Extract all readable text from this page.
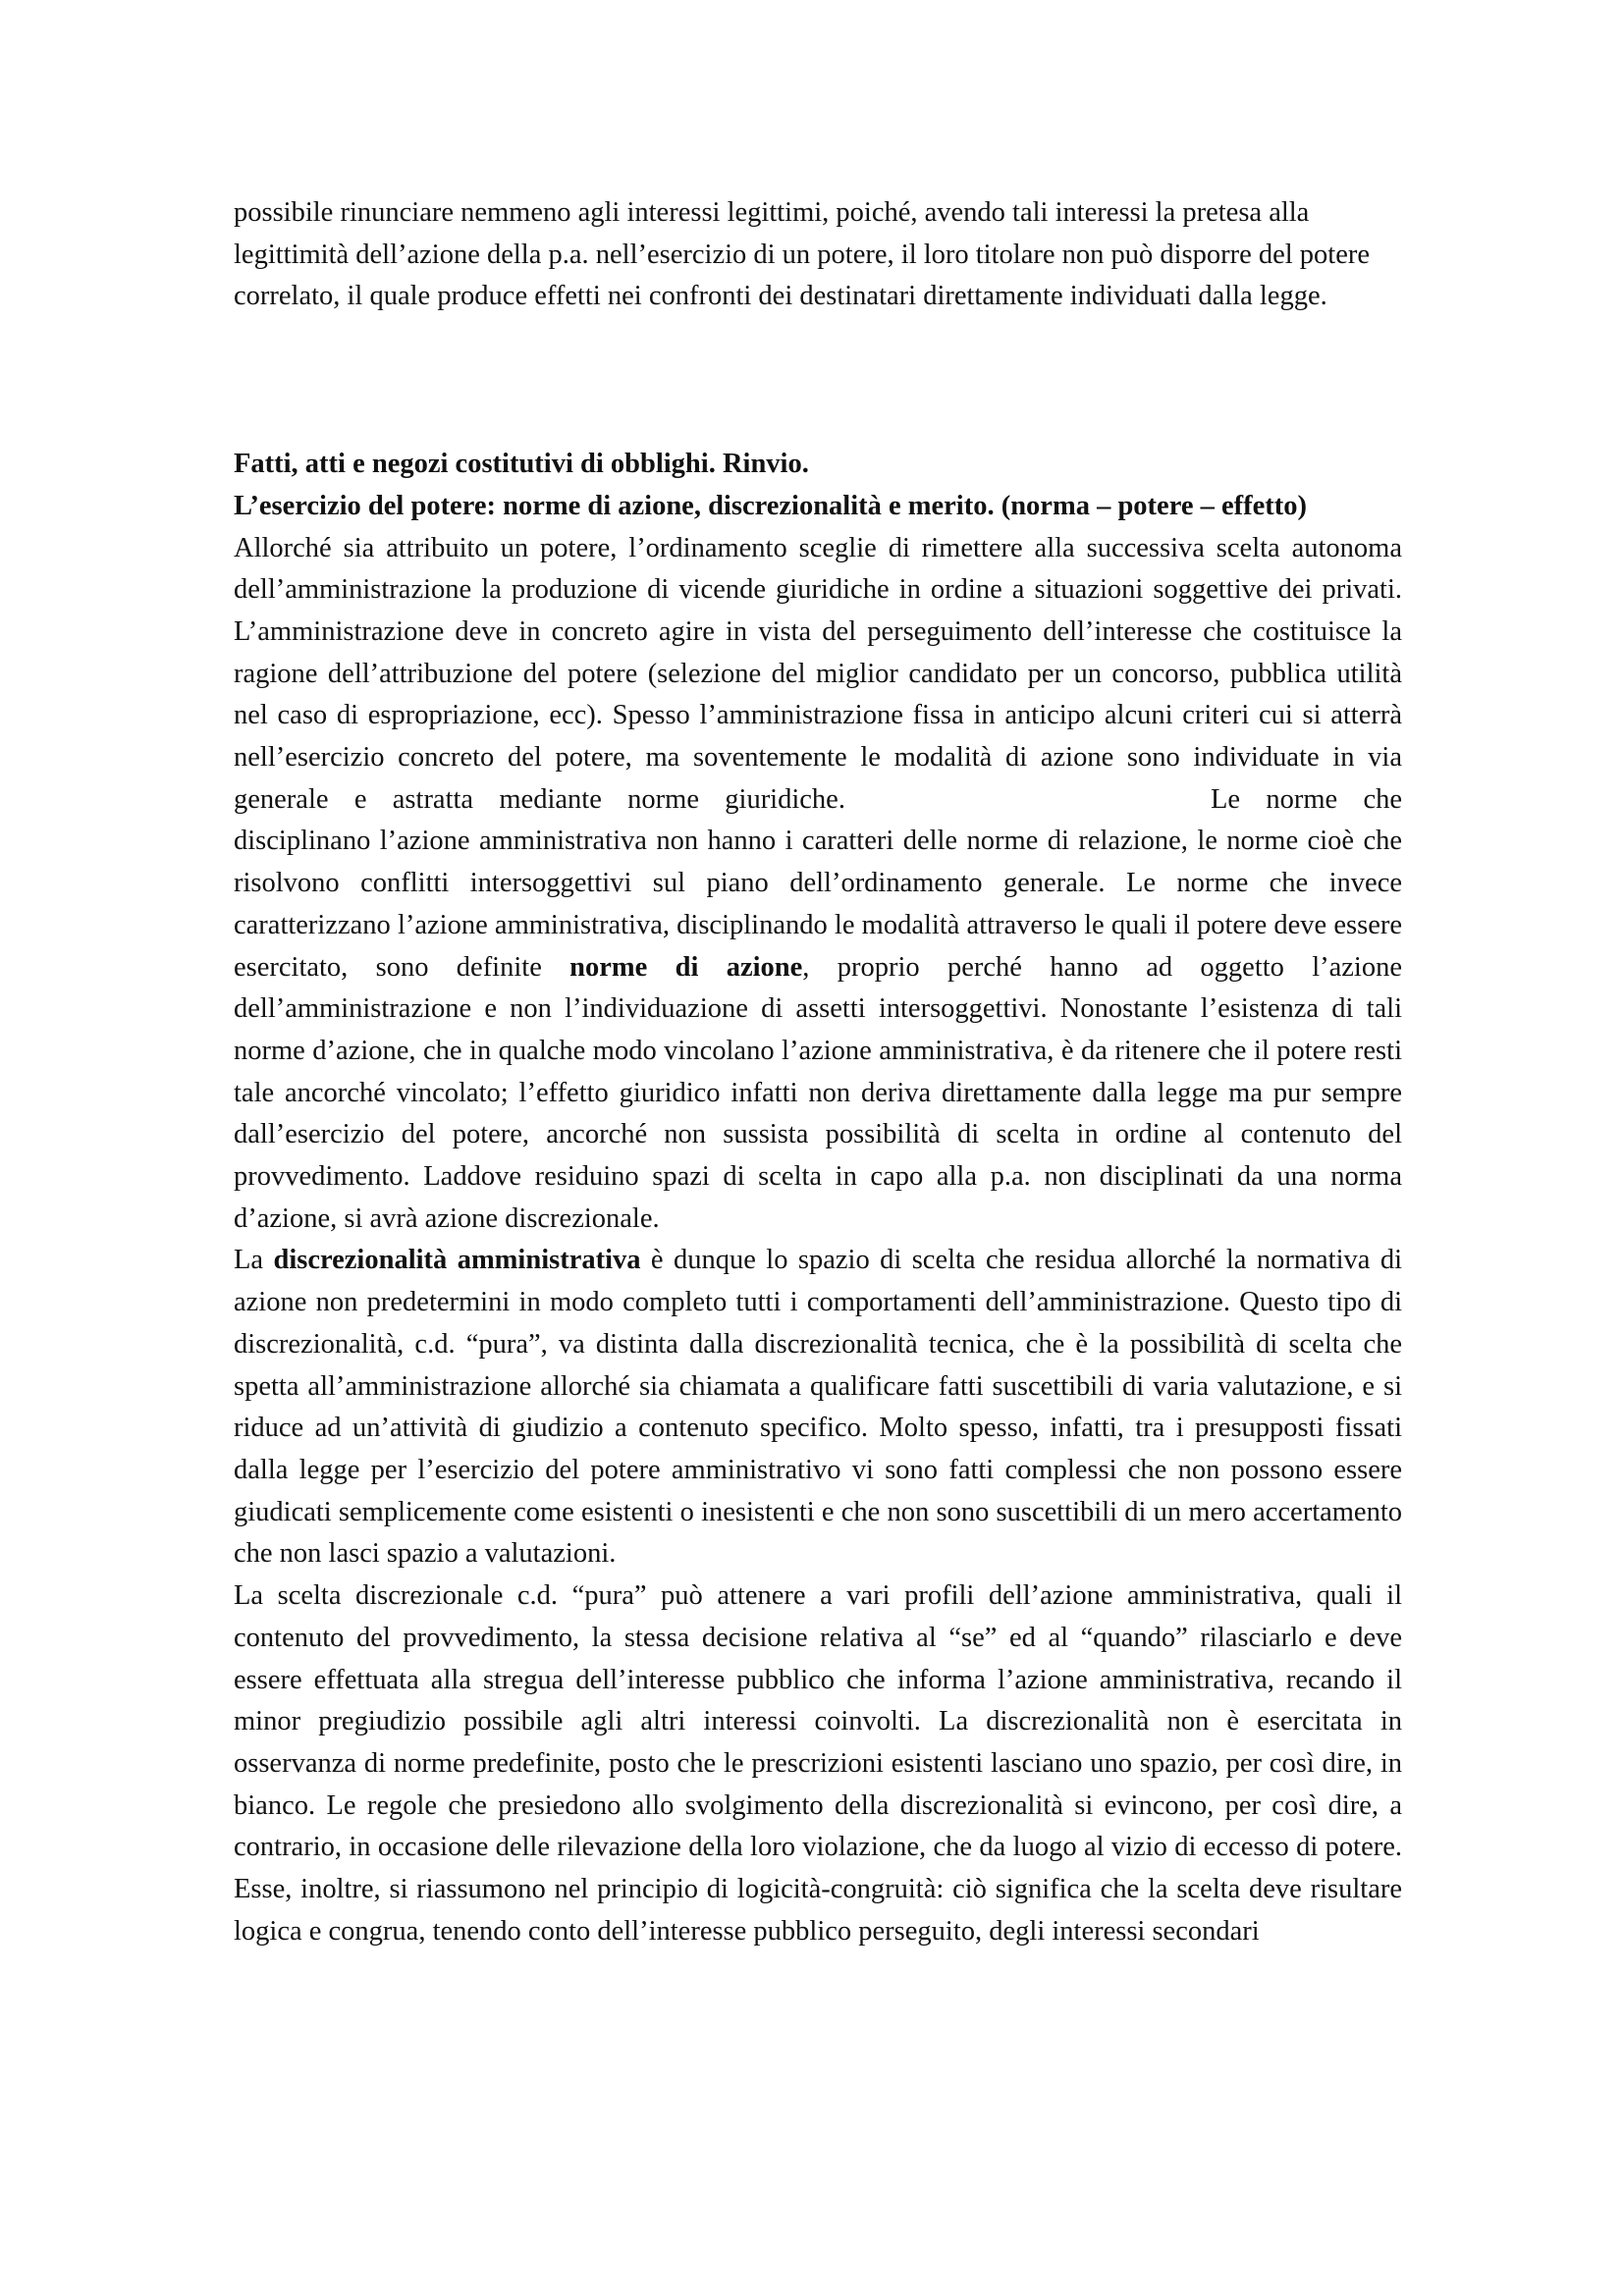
possibile rinunciare nemmeno agli interessi legittimi, poiché, avendo tali interessi la pretesa alla legittimità dell’azione della p.a. nell’esercizio di un potere, il loro titolare non può disporre del potere correlato, il quale produce effetti nei confronti dei destinatari direttamente individuati dalla legge.

Fatti, atti e negozi costitutivi di obblighi. Rinvio.

L’esercizio del potere: norme di azione, discrezionalità e merito. (norma – potere – effetto)

Allorché sia attribuito un potere, l’ordinamento sceglie di rimettere alla successiva scelta autonoma dell’amministrazione la produzione di vicende giuridiche in ordine a situazioni soggettive dei privati. L’amministrazione deve in concreto agire in vista del perseguimento dell’interesse che costituisce la ragione dell’attribuzione del potere (selezione del miglior candidato per un concorso, pubblica utilità nel caso di espropriazione, ecc). Spesso l’amministrazione fissa in anticipo alcuni criteri cui si atterrà nell’esercizio concreto del potere, ma soventemente le modalità di azione sono individuate in via generale e astratta mediante norme giuridiche.	Le norme che disciplinano l’azione amministrativa non hanno i caratteri delle norme di relazione, le norme cioè che risolvono conflitti intersoggettivi sul piano dell’ordinamento generale. Le norme che invece caratterizzano l’azione amministrativa, disciplinando le modalità attraverso le quali il potere deve essere esercitato, sono definite norme di azione, proprio perché hanno ad oggetto l’azione dell’amministrazione e non l’individuazione di assetti intersoggettivi. Nonostante l’esistenza di tali norme d’azione, che in qualche modo vincolano l’azione amministrativa, è da ritenere che il potere resti tale ancorché vincolato; l’effetto giuridico infatti non deriva direttamente dalla legge ma pur sempre dall’esercizio del potere, ancorché non sussista possibilità di scelta in ordine al contenuto del provvedimento. Laddove residuino spazi di scelta in capo alla p.a. non disciplinati da una norma d’azione, si avrà azione discrezionale.

La discrezionalità amministrativa è dunque lo spazio di scelta che residua allorché la normativa di azione non predetermini in modo completo tutti i comportamenti dell’amministrazione. Questo tipo di discrezionalità, c.d. “pura”, va distinta dalla discrezionalità tecnica, che è la possibilità di scelta che spetta all’amministrazione allorché sia chiamata a qualificare fatti suscettibili di varia valutazione, e si riduce ad un’attività di giudizio a contenuto specifico. Molto spesso, infatti, tra i presupposti fissati dalla legge per l’esercizio del potere amministrativo vi sono fatti complessi che non possono essere giudicati semplicemente come esistenti o inesistenti e che non sono suscettibili di un mero accertamento che non lasci spazio a valutazioni.

La scelta discrezionale c.d. “pura” può attenere a vari profili dell’azione amministrativa, quali il contenuto del provvedimento, la stessa decisione relativa al “se” ed al “quando” rilasciarlo e deve essere effettuata alla stregua dell’interesse pubblico che informa l’azione amministrativa, recando il minor pregiudizio possibile agli altri interessi coinvolti. La discrezionalità non è esercitata in osservanza di norme predefinite, posto che le prescrizioni esistenti lasciano uno spazio, per così dire, in bianco. Le regole che presiedono allo svolgimento della discrezionalità si evincono, per così dire, a contrario, in occasione delle rilevazione della loro violazione, che da luogo al vizio di eccesso di potere. Esse, inoltre, si riassumono nel principio di logicità-congruità: ciò significa che la scelta deve risultare logica e congrua, tenendo conto dell’interesse pubblico perseguito, degli interessi secondari
